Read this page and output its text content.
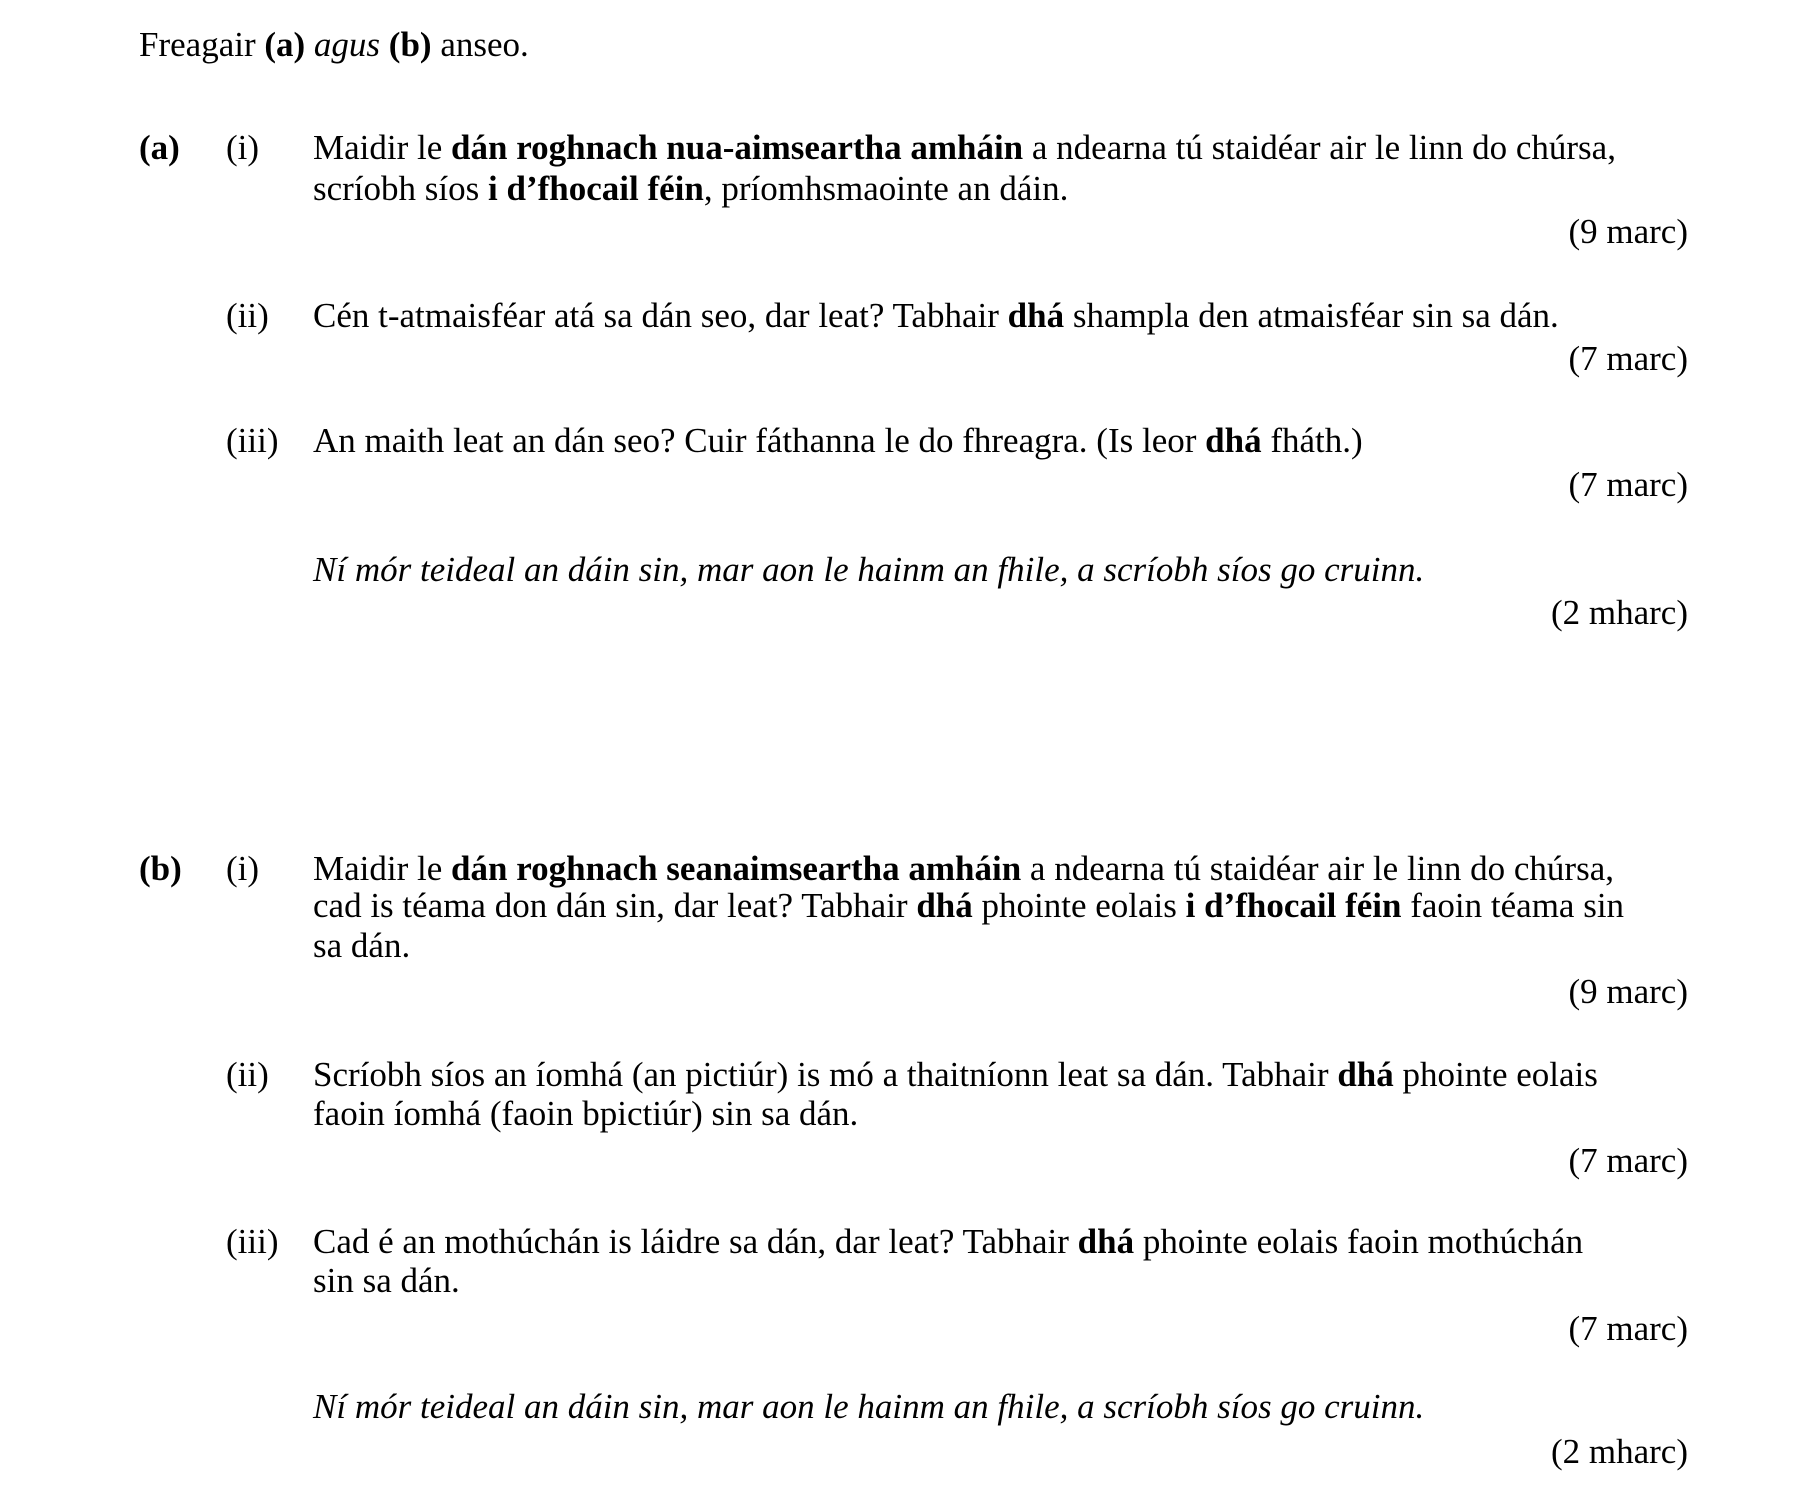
Freagair (a) agus (b) anseo.
(a) (i) Maidir le dán roghnach nua-aimseartha amháin a ndearna tú staidéar air le linn do chúrsa,
scríobh síos i d’fhocail féin, príomhsmaointe an dáin.
(9 marc)
(ii) Cén t-atmaisféar atá sa dán seo, dar leat? Tabhair dhá shampla den atmaisféar sin sa dán.
(7 marc)
(iii) An maith leat an dán seo? Cuir fáthanna le do fhreagra. (Is leor dhá fháth.)
(7 marc)
Ní mór teideal an dáin sin, mar aon le hainm an fhile, a scríobh síos go cruinn.
(2 mharc)
(b) (i) Maidir le dán roghnach seanaimseartha amháin a ndearna tú staidéar air le linn do chúrsa,
cad is téama don dán sin, dar leat? Tabhair dhá phointe eolais i d’fhocail féin faoin téama sin
sa dán.
(9 marc)
(ii) Scríobh síos an íomhá (an pictiúr) is mó a thaitníonn leat sa dán. Tabhair dhá phointe eolais
faoin íomhá (faoin bpictiúr) sin sa dán.
(7 marc)
(iii) Cad é an mothúchán is láidre sa dán, dar leat? Tabhair dhá phointe eolais faoin mothúchán
sin sa dán.
(7 marc)
Ní mór teideal an dáin sin, mar aon le hainm an fhile, a scríobh síos go cruinn.
(2 mharc)
